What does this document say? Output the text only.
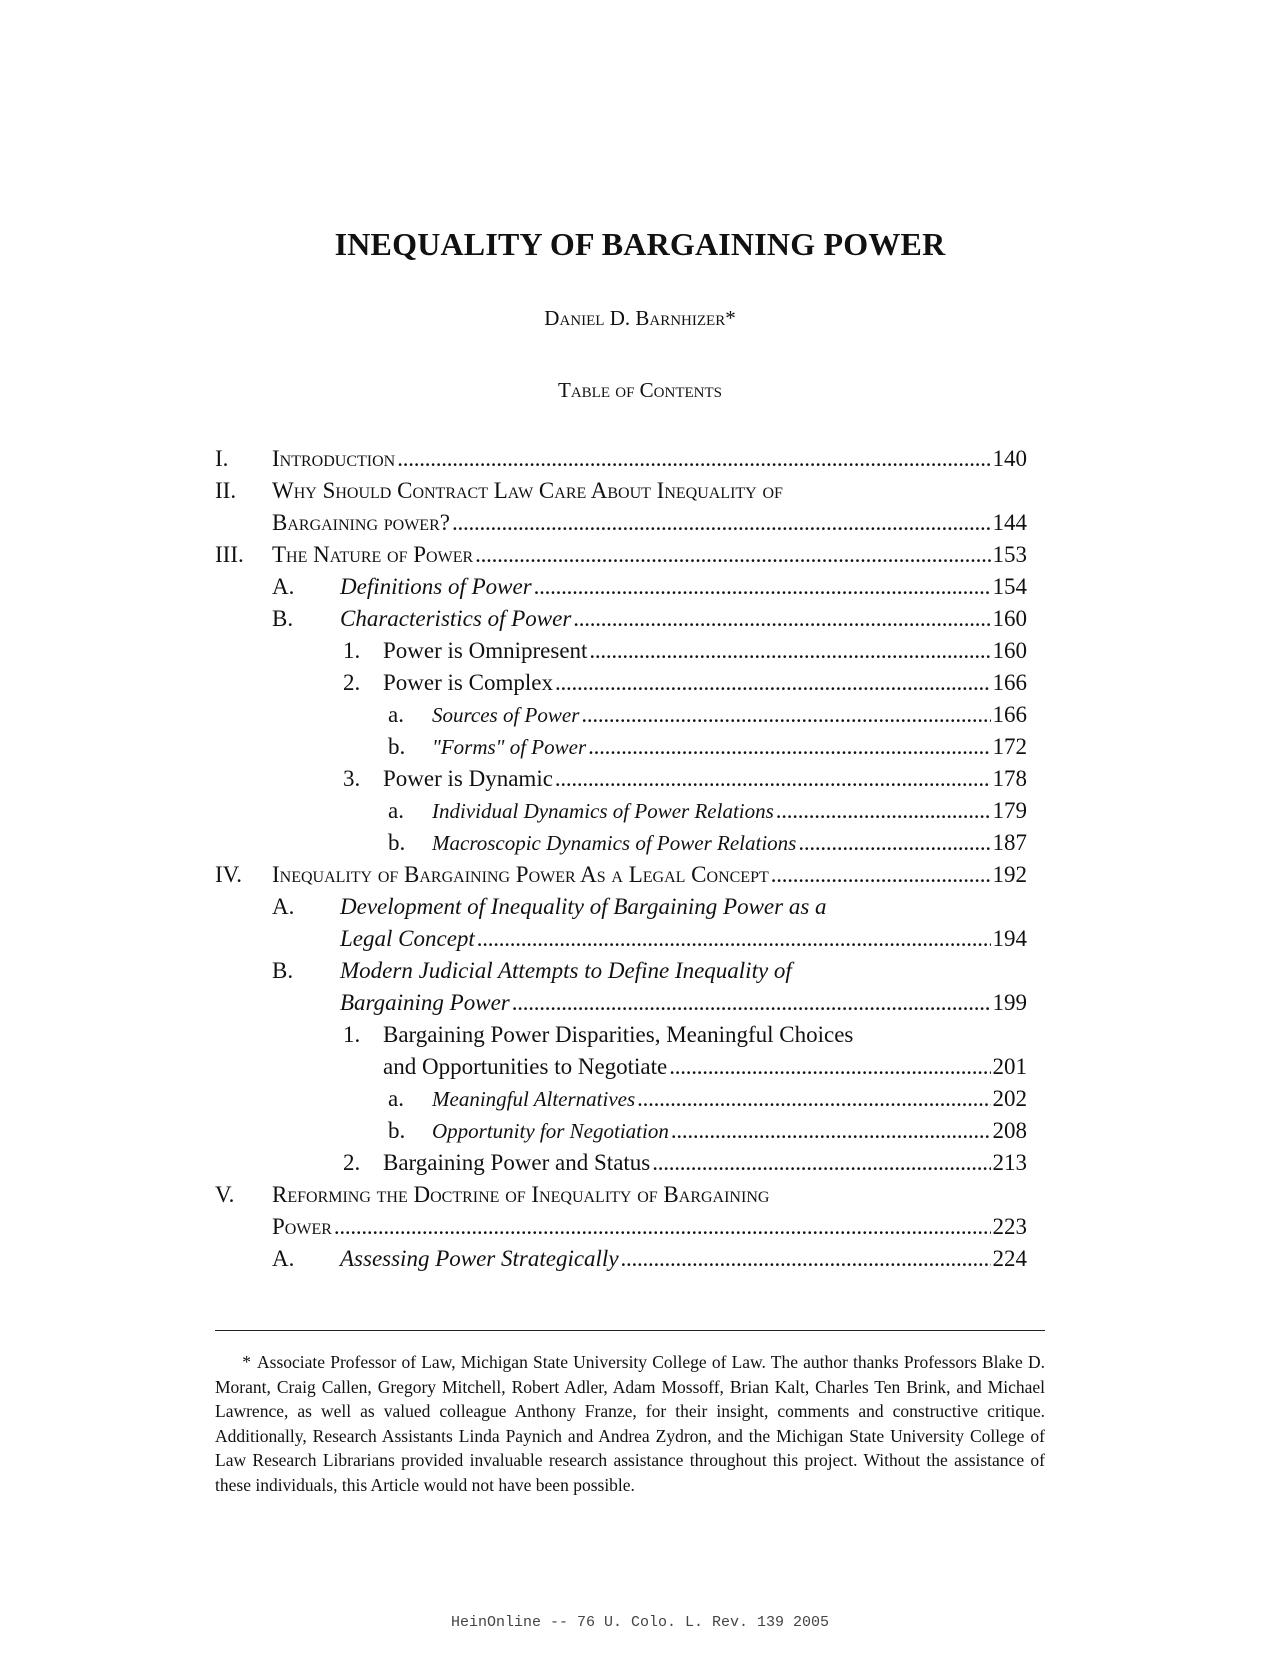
INEQUALITY OF BARGAINING POWER
Daniel D. Barnhizer*
Table of Contents
I. Introduction . . .	140
II. Why Should Contract Law Care About Inequality of
Bargaining power? . . .	144
III. The Nature of Power . . .	153
A. Definitions of Power . . .	154
B. Characteristics of Power . . .	160
1. Power is Omnipresent . . .	160
2. Power is Complex . . .	166
a. Sources of Power . . .	166
b. "Forms" of Power . . .	172
3. Power is Dynamic . . .	178
a. Individual Dynamics of Power Relations . . .	179
b. Macroscopic Dynamics of Power Relations . . .	187
IV. Inequality of Bargaining Power As a Legal Concept . . .	192
A. Development of Inequality of Bargaining Power as a
Legal Concept . . .	194
B. Modern Judicial Attempts to Define Inequality of
Bargaining Power . . .	199
1. Bargaining Power Disparities, Meaningful Choices
and Opportunities to Negotiate . . .	201
a. Meaningful Alternatives . . .	202
b. Opportunity for Negotiation . . .	208
2. Bargaining Power and Status . . .	213
V. Reforming the Doctrine of Inequality of Bargaining
Power . . .	223
A. Assessing Power Strategically . . .	224
* Associate Professor of Law, Michigan State University College of Law. The author thanks Professors Blake D. Morant, Craig Callen, Gregory Mitchell, Robert Adler, Adam Mossoff, Brian Kalt, Charles Ten Brink, and Michael Lawrence, as well as valued colleague Anthony Franze, for their insight, comments and constructive critique. Additionally, Research Assistants Linda Paynich and Andrea Zydron, and the Michigan State University College of Law Research Librarians provided invaluable research assistance throughout this project. Without the assistance of these individuals, this Article would not have been possible.
HeinOnline -- 76 U. Colo. L. Rev. 139 2005
